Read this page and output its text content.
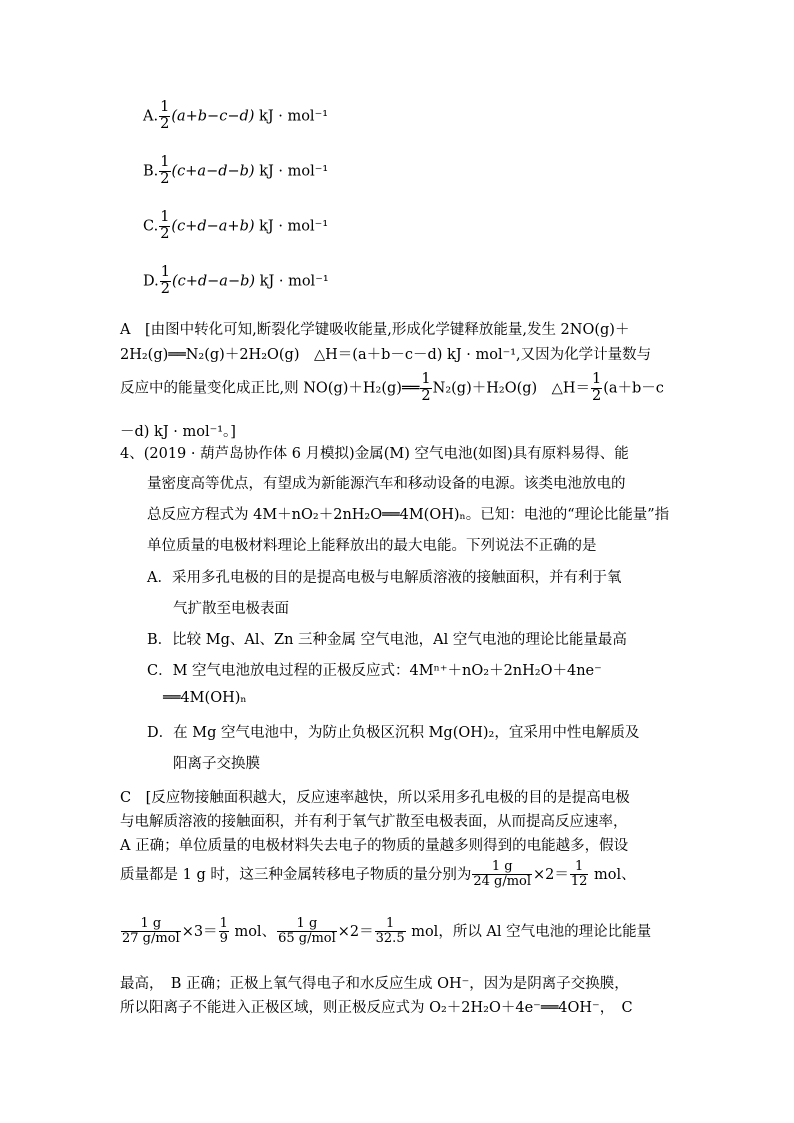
A. $\frac{1}{2} (a+b-c-d)$ kJ · mol⁻¹
B. $\frac{1}{2} (c+a-d-b)$ kJ · mol⁻¹
C. $\frac{1}{2} (c+d-a+b)$ kJ · mol⁻¹
D. $\frac{1}{2} (c+d-a-b)$ kJ · mol⁻¹
A　[由图中转化可知,断裂化学键吸收能量,形成化学键释放能量,发生 2NO(g)＋
2H₂(g)══N₂(g)＋2H₂O(g)　△H＝(a＋b－c－d) kJ · mol⁻¹,又因为化学计量数与
反应中的能量变化成正比,则 NO(g)＋H₂(g)══ $\frac{1}{2} N_2(g)+H_2O(g)$　△H＝ $\frac{1}{2} (a+b-c$
－d) kJ · mol⁻¹。]
4、(2019 · 葫芦岛协作体 6 月模拟)金属(M) 空气电池(如图)具有原料易得、能
量密度高等优点，有望成为新能源汽车和移动设备的电源。该类电池放电的
总反应方程式为 4M＋nO₂＋2nH₂O══4M(OH)ₙ。已知：电池的“理论比能量”指
单位质量的电极材料理论上能释放出的最大电能。下列说法不正确的是
A．采用多孔电极的目的是提高电极与电解质溶液的接触面积，并有利于氧
气扩散至电极表面
B．比较 Mg、Al、Zn 三种金属 空气电池，Al 空气电池的理论比能量最高
C．M 空气电池放电过程的正极反应式：4Mⁿ⁺＋nO₂＋2nH₂O＋4ne⁻
══4M(OH)ₙ
D．在 Mg 空气电池中，为防止负极区沉积 Mg(OH)₂，宜采用中性电解质及
阳离子交换膜
C　[反应物接触面积越大，反应速率越快，所以采用多孔电极的目的是提高电极
与电解质溶液的接触面积，并有利于氧气扩散至电极表面，从而提高反应速率，
A 正确；单位质量的电极材料失去电子的物质的量越多则得到的电能越多，假设
质量都是 1 g 时，这三种金属转移电子物质的量分别为 $\frac{1 g}{\text{24 g/mol}} \times 2= \frac{1}{12}$ mol、
$\frac{1 g}{\text{27 g/mol}} \times 3= \frac{1}{9}$ mol、 $\frac{1 g}{\text{65 g/mol}} \times 2= \frac{1}{32.5}$ mol，所以 Al 空气电池的理论比能量
最高，　B 正确；正极上氧气得电子和水反应生成 OH⁻，因为是阴离子交换膜，
所以阳离子不能进入正极区域，则正极反应式为 O₂＋2H₂O＋4e⁻══4OH⁻，　C
